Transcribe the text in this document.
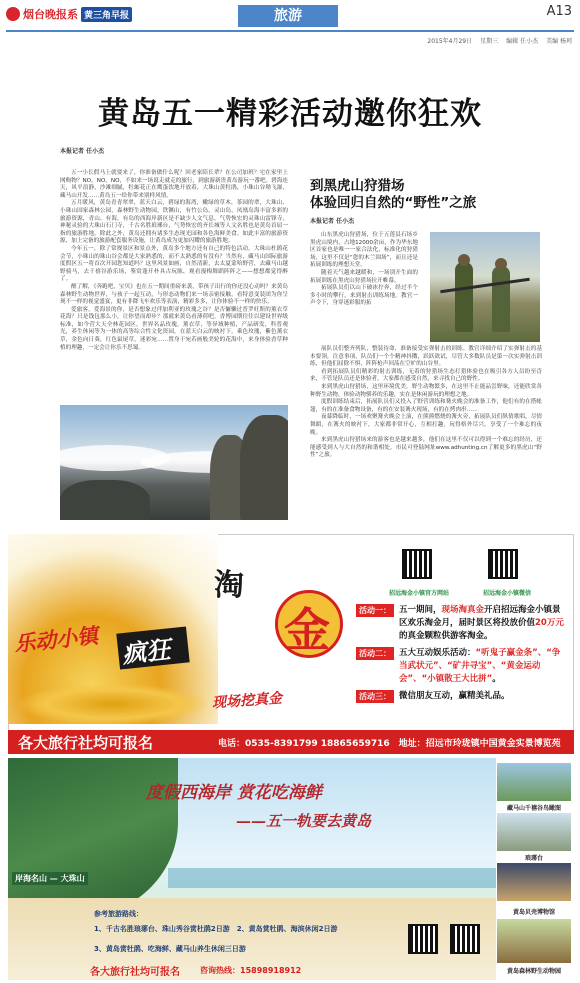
烟台晚报系 黄三角早报	旅游	A13
2015年4月29日 星期三 编辑 任小杰 美编 杨珂
黄岛五一精彩活动邀你狂欢
本报记者 任小杰

五一小长假马上就要来了，你准备做什么呢？回老家陪长辈？在公司加班？宅在家里上网购物？NO，NO，NO，不如来一场说走就走的旅行，到旅游新贵黄岛游玩一番吧。碧海连天，风平浪静，沙滩细腻，牡蛎花正在鹰蛋饮地开放着，大珠山黄牡鹃，小珠山谷坳飞瀑，藏马山开发……黄岛五一给你带来别样风情。

五月暖风，黄岛青青翠翠，蓝天白云，碧绿的海湾，嫩绿的草木，茶园的翠，大珠山、小珠山国家森林公园，森林野生动物园，铁镢山，有竹公岛，灵山岛，凤凰岛海丰富多彩的旅游资源，青山、有海，有岛的西海岸新区是不缺少人文气息，气势恢宏的灵珠山雷锋寺，神秘灵验的大珠山石门寺，千古名胜琅琊台，气势恢宏的齐长城等人文名胜也是黄岛首屈一指的旅游胜地。除此之外，黄岛还拥有诸多生态现光园和各色海鲜美食。如此丰富的旅游资源，加上完备的旅游配套服务设施，让黄岛成为更加闪耀的旅游胜地。

今年五一，除了常规景区和景点外，黄岛多个地方还有自己的特色活动，大珠山杜鹃花会节，小珠山的珠山谷会都是大家熟悉的，而不太熟悉的有没有？当然有，藏马山国际旅游度假区五一将首次开园您知道吗？这里风景如画，自然清新，去太夏蒙哈野营，去藏马山越野骑马，去千禧谷游乐场，鉴赏蓬开朴具古玩陈，观看漫梅舞蹈阵阵之——想想都觉得醉了。

醒了解，《奔跑吧，宝贝》也在五一期间重磅来袭，带孩子出行的你还没心动吗？来黄岛森林野生动物世界，与孩子一起互动，与形态动物们来一场亲密接触，看特意变装团为你呈现不一样的视觉盛宴，更有非降飞车欢乐等表演，精彩多多，让你体验不一样的快乐。

爱旅客，爱海景的你，是否想象过伴加利亚的玫瑰之谷？是否慵懒过普罗旺斯的薰衣草花海？只是钱包那么小，让你望而却步？那就来黄岛看薄荷吧，香博园期往往以建设世界级标准，如今营大天全林花园区，世界名品玫瑰，薰衣草，等异域种植，产品研发，科普观光，养生休闲等为一体的高等综合性文化资园，在蓝天白云的映衬下，乘色玫瑰，紫色薰衣草，金色向日葵，红色鼠尾草，迷彩宛……置身于宛若画般美轮的花海中，来身体验香草种植的理趣，一定会让你乐不思蜀。

到黑虎山狩猎场
体验回归自然的“野性”之旅
本报记者 任小杰

山东黑虎山狩猎场，位于五莲县石场乡黑虎山境内，占地12000余亩，作为华东地区首家也是唯一一家合法化，标准化的狩猎场，这里不仅是“您的木兰围场”，而且还是拓展训练的理想天堂。

随着天气越来越暖和，一场别开生面的拓展训练在黑虎山狩猎场拉开帷幕。

拓展队员们以山下破冰拧奔，经过半个多小时的攀行，来到射击训练场地。教官一声令下，身穿迷彩服的拓

展队员们整齐列队，整装待命，准备接受实弹射击的训练。教官详细介绍了实弹射击的基本要领，注意事项，队员们一个个精神抖擞，跃跃欲试，尽管大多数队员是第一次实弹射击训练，但他们屈除不惧，阵阵枪声回荡在空旷的山谷里。

看到拓展队员们精彩的射击训练，无着的狩猎场生态打猎体验也在吸引各方人员纷至沓来，不管是队员还是体验者，大家都在感受自然，来寻找自己的野性。

来到黑虎山狩猎场，这里环境优美，野生动物繁多，在这里不止能品尝野味，还能欣赏各种野生动物，体验动物驯养的乐趣，实在是休闲游玩的理想之地。

度假训练结束后，拓展队员们又投入了野营训练和篝火晚会的准备工作，他们有的在搭帐篷，有的在准备食物设备，有的在安装篝火现场，有的在烤肉串……

夜幕降临时，一场欢聚篝火晚会上演，在熊熊燃烧的篝火旁，拓展队员们纵情歌唱，尽情舞蹈，在篝火的映衬下，大家都非常开心，互相打趣，玩得格外尽兴，享受了一个难忘的夜晚。

来到黑虎山狩猎场来的游客也是越来越多，他们在这里不仅可以得到一个难忘的经历，还能感受到人与大自然的和谐相处，市民可登陆网址www.adhunting.cn了解更多的黑虎山“野性”之旅。

乐动小镇 疯狂
淘
金
现场挖真金
招远海金小镇官方网站	招远海金小镇微信
活动一： 五一期间，现场淘真金开启招远海金小镇景区欢乐淘金月，届时景区将投放价值20万元的真金颗粒供游客淘金。
活动二： 五大互动娱乐活动：“听鬼子赢金条”、“争当武状元”、“矿井寻宝”、“黄金运动会”、“小镇散王大比拼”。
活动三： 微信朋友互动，赢精美礼品。
各大旅行社均可报名	电话：0535-8391799 18865659716　地址：招远市玲珑镇中国黄金实景博览苑
度假西海岸 赏花吃海鲜
——五一轨要去黄岛
岸海名山 — 大珠山
藏马山千禧谷鸟瞰图
琅琊台
黄岛贝壳博物馆
黄岛森林野生动物园
参考旅游路线：
1、千古名胜琅琊台、珠山秀谷赏杜鹃2日游　2、黄岛赏牡鹃、海滨休闲2日游
3、黄岛赏牡鹃、吃海鲜、藏马山养生休闲三日游
各大旅行社均可报名	咨询热线：15898918912
